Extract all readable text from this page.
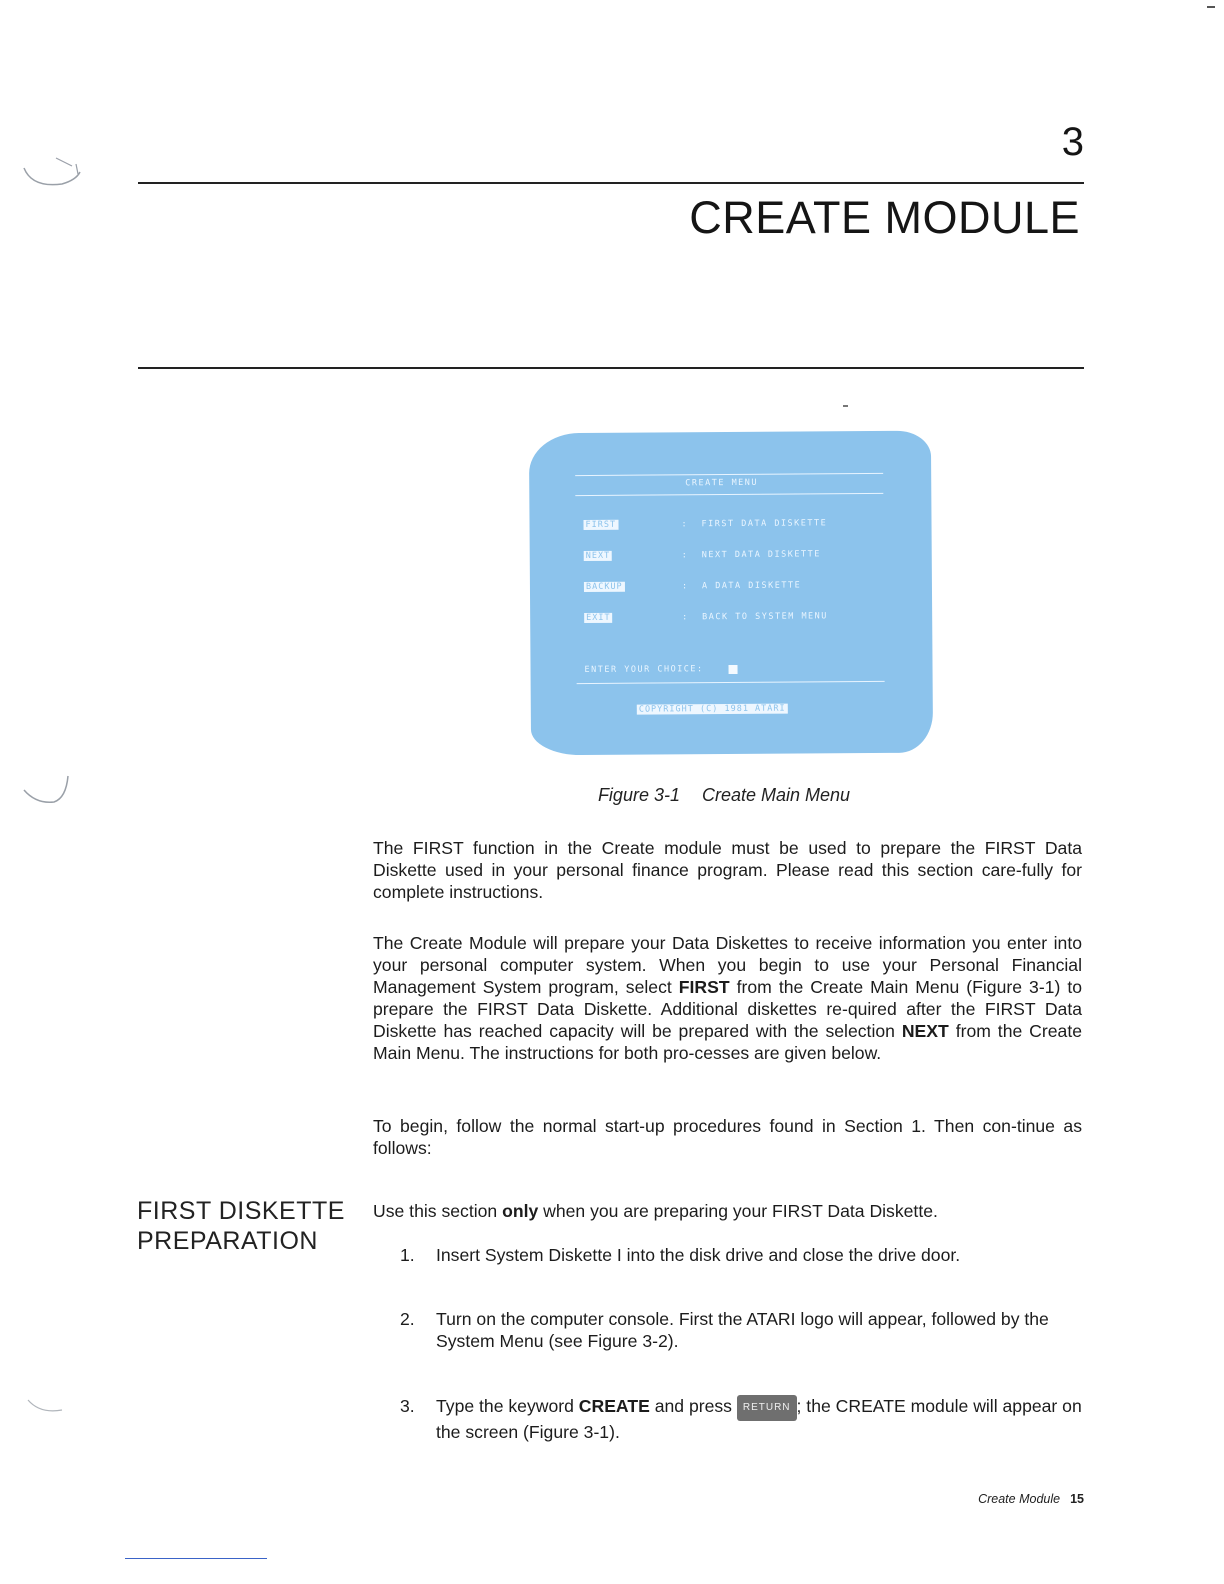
3
CREATE MODULE
CREATE MENU
FIRST	: FIRST DATA DISKETTE
NEXT	: NEXT DATA DISKETTE
BACKUP	: A DATA DISKETTE
EXIT	: BACK TO SYSTEM MENU
ENTER YOUR CHOICE:
COPYRIGHT (C) 1981 ATARI
Figure 3-1 Create Main Menu
The FIRST function in the Create module must be used to prepare the FIRST Data Diskette used in your personal finance program. Please read this section care-fully for complete instructions.
The Create Module will prepare your Data Diskettes to receive information you enter into your personal computer system. When you begin to use your Personal Financial Management System program, select FIRST from the Create Main Menu (Figure 3-1) to prepare the FIRST Data Diskette. Additional diskettes re-quired after the FIRST Data Diskette has reached capacity will be prepared with the selection NEXT from the Create Main Menu. The instructions for both pro-cesses are given below.
To begin, follow the normal start-up procedures found in Section 1. Then con-tinue as follows:
FIRST DISKETTE
PREPARATION
Use this section only when you are preparing your FIRST Data Diskette.
1. Insert System Diskette I into the disk drive and close the drive door.
2. Turn on the computer console. First the ATARI logo will appear, followed by the System Menu (see Figure 3-2).
3. Type the keyword CREATE and press RETURN ; the CREATE module will appear on the screen (Figure 3-1).
Create Module 15
